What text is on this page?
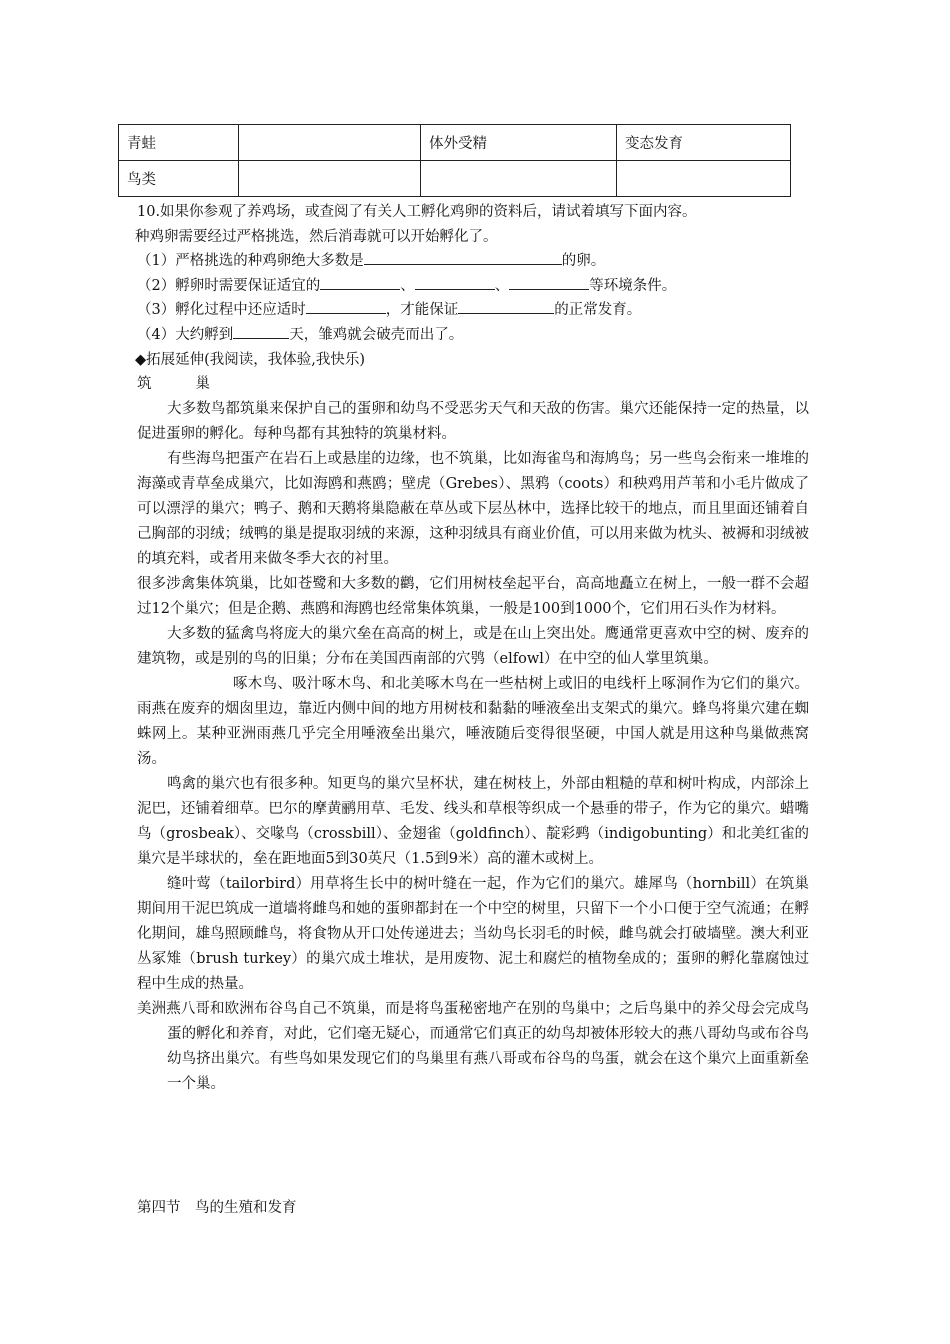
青蛙		体外受精	变态发育
鸟类			
10.如果你参观了养鸡场，或查阅了有关人工孵化鸡卵的资料后，请试着填写下面内容。
种鸡卵需要经过严格挑选，然后消毒就可以开始孵化了。
（1）严格挑选的种鸡卵绝大多数是	的卵。
（2）孵卵时需要保证适宜的	、	、	等环境条件。
（3）孵化过程中还应适时	，才能保证	的正常发育。
（4）大约孵到	天，雏鸡就会破壳而出了。
◆拓展延伸(我阅读，我体验,我快乐)
筑	巢

大多数鸟都筑巢来保护自己的蛋卵和幼鸟不受恶劣天气和天敌的伤害。巢穴还能保持一定的热量，以促进蛋卵的孵化。每种鸟都有其独特的筑巢材料。

有些海鸟把蛋产在岩石上或悬崖的边缘，也不筑巢，比如海雀鸟和海鸠鸟；另一些鸟会衔来一堆堆的海藻或青草垒成巢穴，比如海鸥和燕鸥；壁虎（Grebes）、黑鸦（coots）和秧鸡用芦苇和小毛片做成了可以漂浮的巢穴；鸭子、鹅和天鹅将巢隐蔽在草丛或下层丛林中，选择比较干的地点，而且里面还铺着自己胸部的羽绒；绒鸭的巢是提取羽绒的来源，这种羽绒具有商业价值，可以用来做为枕头、被褥和羽绒被的填充料，或者用来做冬季大衣的衬里。

很多涉禽集体筑巢，比如苍鹭和大多数的鹳，它们用树枝垒起平台，高高地矗立在树上，一般一群不会超过12个巢穴；但是企鹅、燕鸥和海鸥也经常集体筑巢，一般是100到1000个，它们用石头作为材料。

大多数的猛禽鸟将庞大的巢穴垒在高高的树上，或是在山上突出处。鹰通常更喜欢中空的树、废弃的建筑物，或是别的鸟的旧巢；分布在美国西南部的穴鸮（elfowl）在中空的仙人掌里筑巢。

啄木鸟、吸汁啄木鸟、和北美啄木鸟在一些枯树上或旧的电线杆上啄洞作为它们的巢穴。雨燕在废弃的烟囱里边，靠近内侧中间的地方用树枝和黏黏的唾液垒出支架式的巢穴。蜂鸟将巢穴建在蜘蛛网上。某种亚洲雨燕几乎完全用唾液垒出巢穴，唾液随后变得很坚硬，中国人就是用这种鸟巢做燕窝汤。

鸣禽的巢穴也有很多种。知更鸟的巢穴呈杯状，建在树枝上，外部由粗糙的草和树叶构成，内部涂上泥巴，还铺着细草。巴尔的摩黄鹂用草、毛发、线头和草根等织成一个悬垂的带子，作为它的巢穴。蜡嘴鸟（grosbeak）、交喙鸟（crossbill）、金翅雀（goldfinch）、靛彩鹀（indigobunting）和北美红雀的巢穴是半球状的，垒在距地面5到30英尺（1.5到9米）高的灌木或树上。

缝叶莺（tailorbird）用草将生长中的树叶缝在一起，作为它们的巢穴。雄犀鸟（hornbill）在筑巢期间用干泥巴筑成一道墙将雌鸟和她的蛋卵都封在一个中空的树里，只留下一个小口便于空气流通；在孵化期间，雄鸟照顾雌鸟，将食物从开口处传递进去；当幼鸟长羽毛的时候，雌鸟就会打破墙壁。澳大利亚丛冢雉（brush turkey）的巢穴成土堆状，是用废物、泥土和腐烂的植物垒成的；蛋卵的孵化靠腐蚀过程中生成的热量。

美洲燕八哥和欧洲布谷鸟自己不筑巢，而是将鸟蛋秘密地产在别的鸟巢中；之后鸟巢中的养父母会完成鸟蛋的孵化和养育，对此，它们毫无疑心，而通常它们真正的幼鸟却被体形较大的燕八哥幼鸟或布谷鸟幼鸟挤出巢穴。有些鸟如果发现它们的鸟巢里有燕八哥或布谷鸟的鸟蛋，就会在这个巢穴上面重新垒一个巢。

第四节　鸟的生殖和发育
